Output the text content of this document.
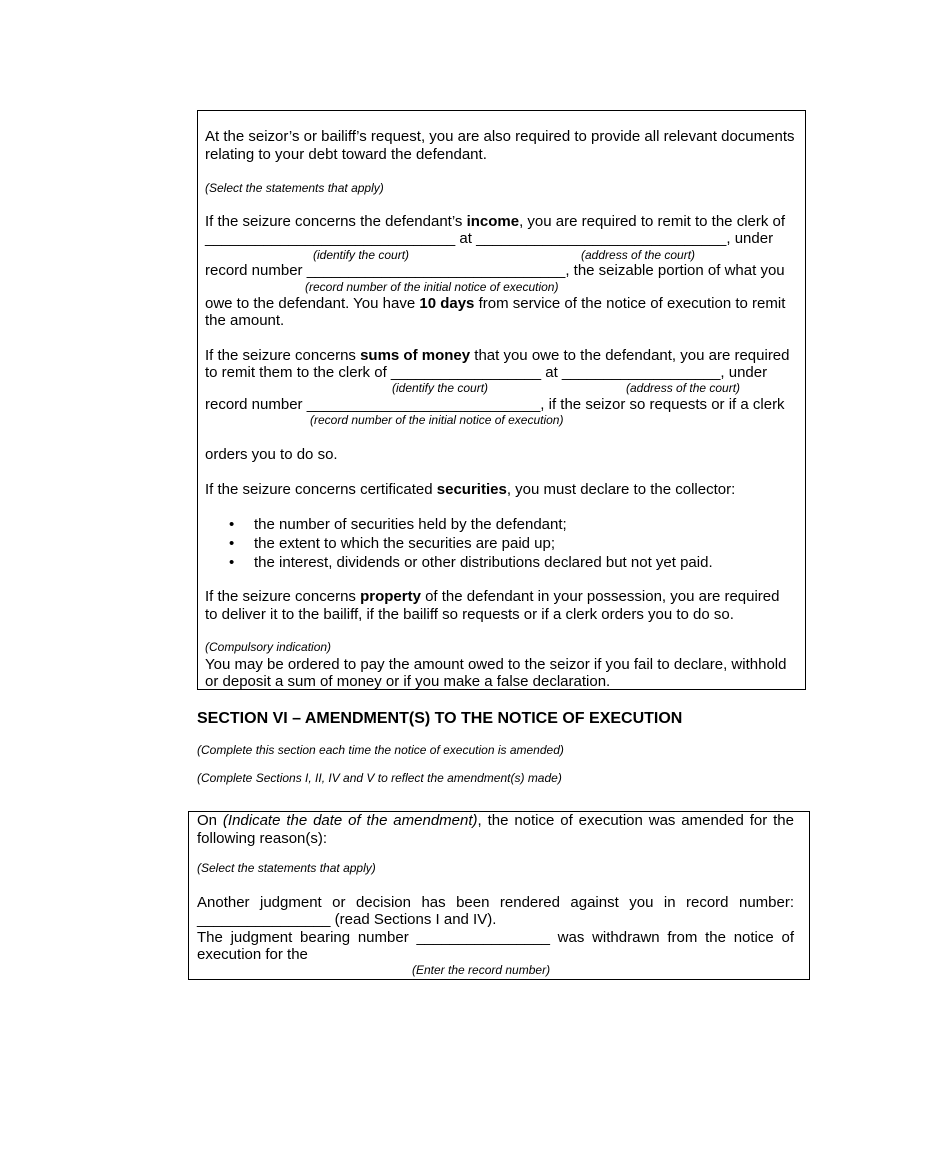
At the seizor’s or bailiff’s request, you are also required to provide all relevant documents
relating to your debt toward the defendant.
(Select the statements that apply)
If the seizure concerns the defendant’s income, you are required to remit to the clerk of
______________________________ at ______________________________, under
(identify the court)	(address of the court)
record number _______________________________, the seizable portion of what you
(record number of the initial notice of execution)
owe to the defendant. You have 10 days from service of the notice of execution to remit
the amount.
If the seizure concerns sums of money that you owe to the defendant, you are required
to remit them to the clerk of __________________ at ___________________, under
(identify the court)	(address of the court)
record number ____________________________, if the seizor so requests or if a clerk
(record number of the initial notice of execution)
orders you to do so.
If the seizure concerns certificated securities, you must declare to the collector:
• the number of securities held by the defendant;
• the extent to which the securities are paid up;
• the interest, dividends or other distributions declared but not yet paid.
If the seizure concerns property of the defendant in your possession, you are required
to deliver it to the bailiff, if the bailiff so requests or if a clerk orders you to do so.
(Compulsory indication)
You may be ordered to pay the amount owed to the seizor if you fail to declare, withhold
or deposit a sum of money or if you make a false declaration.
SECTION VI – AMENDMENT(S) TO THE NOTICE OF EXECUTION
(Complete this section each time the notice of execution is amended)
(Complete Sections I, II, IV and V to reflect the amendment(s) made)
On (Indicate the date of the amendment), the notice of execution was amended for the
following reason(s):
(Select the statements that apply)
Another judgment or decision has been rendered against you in record number:
________________ (read Sections I and IV).
The judgment bearing number ________________ was withdrawn from the notice of
execution for the
(Enter the record number)
